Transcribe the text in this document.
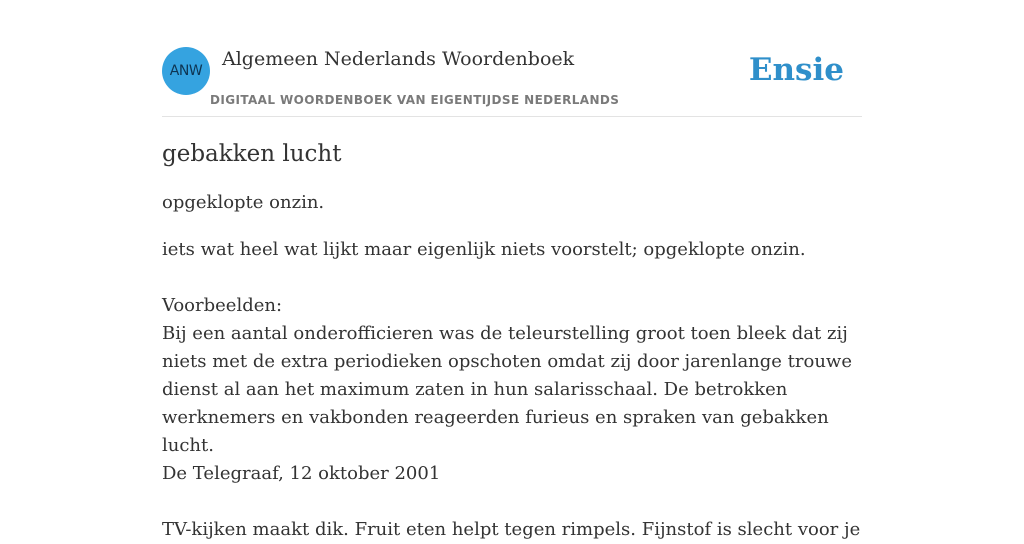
ANW
Algemeen Nederlands Woordenboek
DIGITAAL WOORDENBOEK VAN EIGENTIJDSE NEDERLANDS
Ensie
gebakken lucht

opgeklopte onzin.

iets wat heel wat lijkt maar eigenlijk niets voorstelt; opgeklopte onzin.

Voorbeelden:

Bij een aantal onderofficieren was de teleurstelling groot toen bleek dat zij niets met de extra periodieken opschoten omdat zij door jarenlange trouwe dienst al aan het maximum zaten in hun salarisschaal. De betrokken werknemers en vakbonden reageerden furieus en spraken van gebakken lucht.

De Telegraaf, 12 oktober 2001

TV-kijken maakt dik. Fruit eten helpt tegen rimpels. Fijnstof is slecht voor je
